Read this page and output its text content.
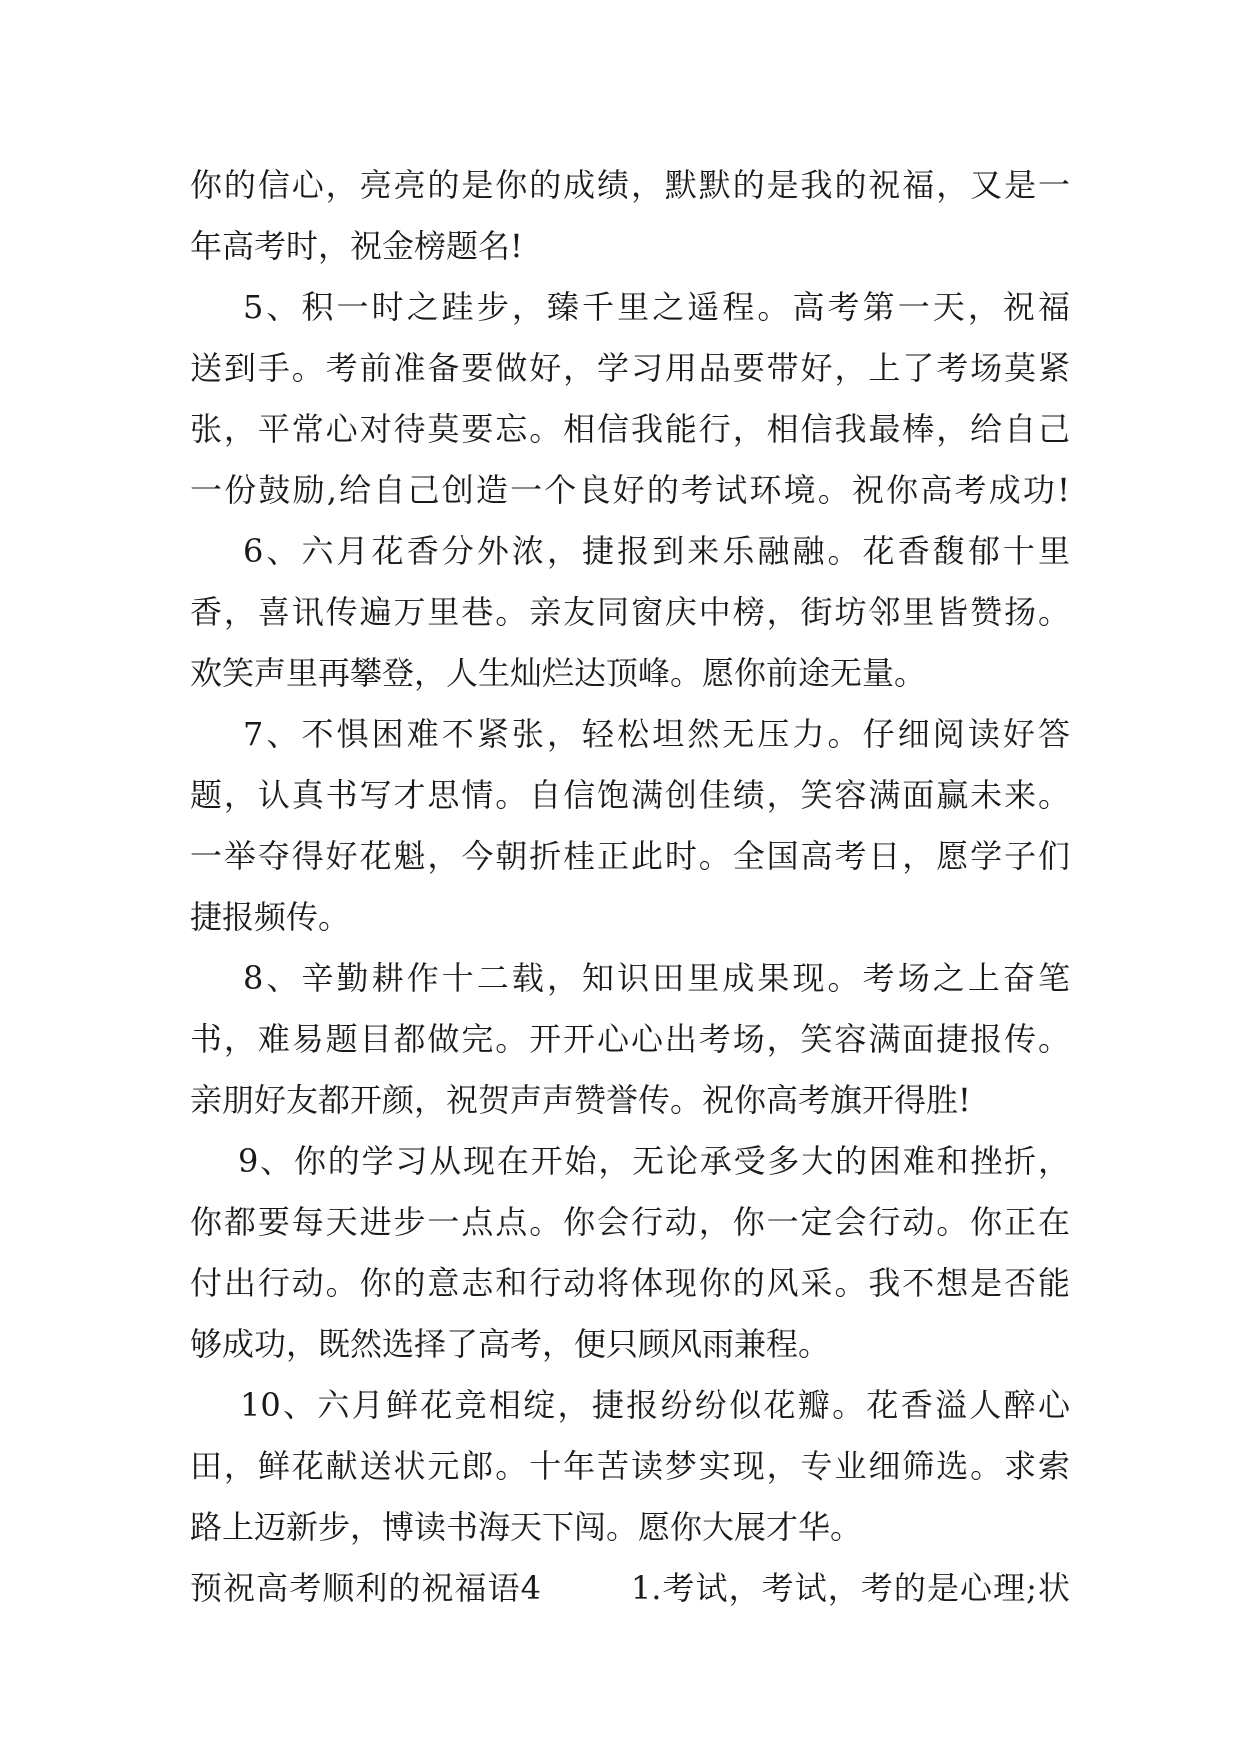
你的信心，亮亮的是你的成绩，默默的是我的祝福，又是一
年高考时，祝金榜题名!
5、积一时之跬步，臻千里之遥程。高考第一天，祝福
送到手。考前准备要做好，学习用品要带好，上了考场莫紧
张，平常心对待莫要忘。相信我能行，相信我最棒，给自己
一份鼓励,给自己创造一个良好的考试环境。祝你高考成功!
6、六月花香分外浓，捷报到来乐融融。花香馥郁十里
香，喜讯传遍万里巷。亲友同窗庆中榜，街坊邻里皆赞扬。
欢笑声里再攀登，人生灿烂达顶峰。愿你前途无量。
7、不惧困难不紧张，轻松坦然无压力。仔细阅读好答
题，认真书写才思情。自信饱满创佳绩，笑容满面赢未来。
一举夺得好花魁，今朝折桂正此时。全国高考日，愿学子们
捷报频传。
8、辛勤耕作十二载，知识田里成果现。考场之上奋笔
书，难易题目都做完。开开心心出考场，笑容满面捷报传。
亲朋好友都开颜，祝贺声声赞誉传。祝你高考旗开得胜!
9、你的学习从现在开始，无论承受多大的困难和挫折，
你都要每天进步一点点。你会行动，你一定会行动。你正在
付出行动。你的意志和行动将体现你的风采。我不想是否能
够成功，既然选择了高考，便只顾风雨兼程。
10、六月鲜花竞相绽，捷报纷纷似花瓣。花香溢人醉心
田，鲜花献送状元郎。十年苦读梦实现，专业细筛选。求索
路上迈新步，博读书海天下闯。愿你大展才华。
预祝高考顺利的祝福语4        1.考试，考试，考的是心理;状
